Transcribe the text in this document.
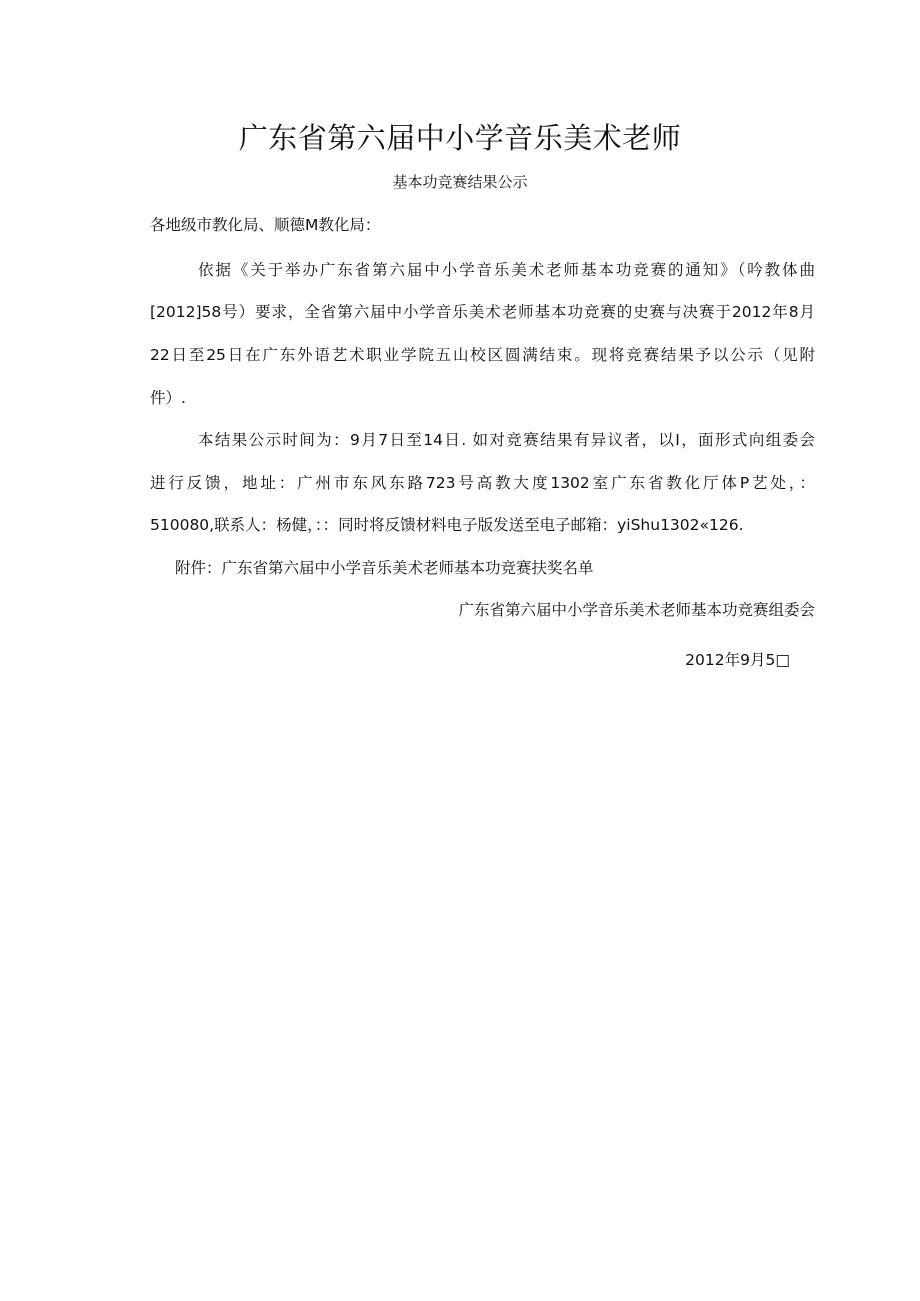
广东省第六届中小学音乐美术老师
基本功竞赛结果公示
各地级市教化局、顺德M教化局：
依据《关于举办广东省第六届中小学音乐美术老师基本功竞赛的通知》（吟教体曲
[2012]58号）要求，全省第六届中小学音乐美术老师基本功竞赛的史赛与决赛于2012年8月
22日至25日在广东外语艺术职业学院五山校区圆满结束。现将竞赛结果予以公示（见附
件）.
本结果公示时间为：9月7日至14日. 如对竞赛结果有异议者，以I，面形式向组委会
进行反馈，地址：广州市东风东路723号高教大度1302室广东省教化厅体P艺处，：
510080,联系人：杨健，：：同时将反馈材料电子版发送至电子邮箱：yiShu1302«126.
附件：广东省第六届中小学音乐美术老师基本功竞赛扶奖名单
广东省第六届中小学音乐美术老师基本功竞赛组委会
2012年9月5□
